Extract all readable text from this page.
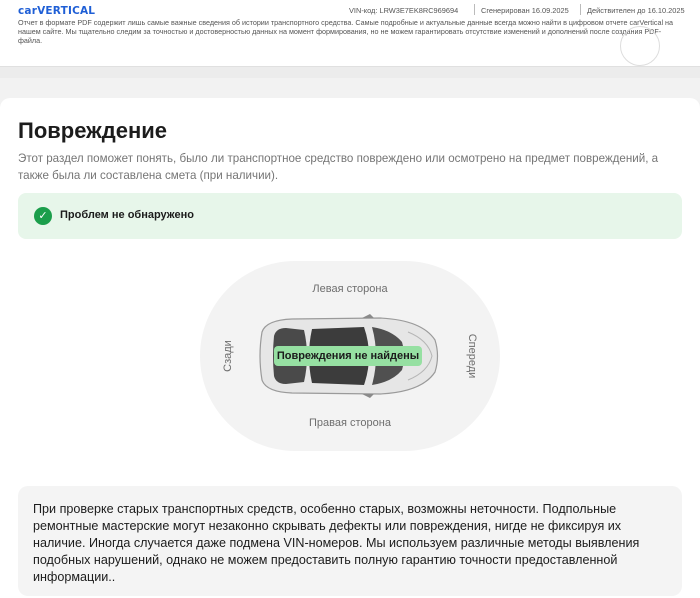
carVERTICAL	VIN-код: LRW3E7EK8RC969694	Сгенерирован 16.09.2025 Действителен до 16.10.2025
Отчет в формате PDF содержит лишь самые важные сведения об истории транспортного средства. Самые подробные и актуальные данные всегда можно найти в цифровом отчете carVertical на нашем сайте. Мы тщательно следим за точностью и достоверностью данных на момент формирования, но не можем гарантировать отсутствие изменений и дополнений после создания PDF-файла.
Повреждение

Этот раздел поможет понять, было ли транспортное средство повреждено или осмотрено на предмет повреждений, а также была ли составлена смета (при наличии).

✓	Проблем не обнаружено
Левая сторона
Правая сторона
Сзади	Спереди
Повреждения не найдены

При проверке старых транспортных средств, особенно старых, возможны неточности. Подпольные ремонтные мастерские могут незаконно скрывать дефекты или повреждения, нигде не фиксируя их наличие. Иногда случается даже подмена VIN-номеров. Мы используем различные методы выявления подобных нарушений, однако не можем предоставить полную гарантию точности предоставленной информации..
